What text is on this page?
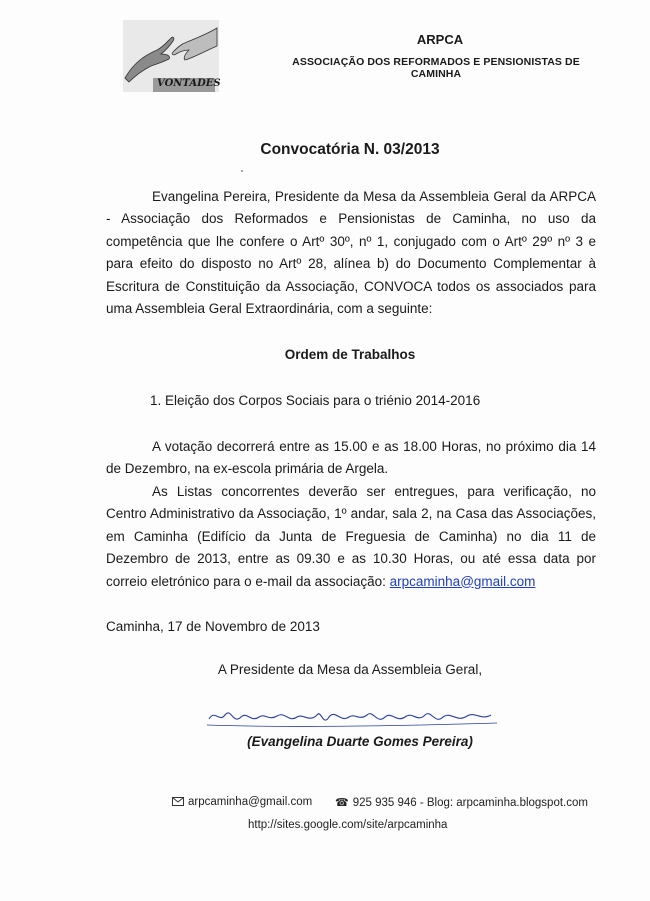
VONTADES
ARPCA
ASSOCIAÇÃO DOS REFORMADOS E PENSIONISTAS DE CAMINHA
Convocatória N. 03/2013
Evangelina Pereira, Presidente da Mesa da Assembleia Geral da ARPCA - Associação dos Reformados e Pensionistas de Caminha, no uso da competência que lhe confere o Artº 30º, nº 1, conjugado com o Artº 29º nº 3 e para efeito do disposto no Artº 28, alínea b) do Documento Complementar à Escritura de Constituição da Associação, CONVOCA todos os associados para uma Assembleia Geral Extraordinária, com a seguinte:
Ordem de Trabalhos
1. Eleição dos Corpos Sociais para o triénio 2014-2016
A votação decorrerá entre as 15.00 e as 18.00 Horas, no próximo dia 14 de Dezembro, na ex-escola primária de Argela.
As Listas concorrentes deverão ser entregues, para verificação, no Centro Administrativo da Associação, 1º andar, sala 2, na Casa das Associações, em Caminha (Edifício da Junta de Freguesia de Caminha) no dia 11 de Dezembro de 2013, entre as 09.30 e as 10.30 Horas, ou até essa data por correio eletrónico para o e-mail da associação: arpcaminha@gmail.com
Caminha, 17 de Novembro de 2013
A Presidente da Mesa da Assembleia Geral,
(Evangelina Duarte Gomes Pereira)
arpcaminha@gmail.com ☎ 925 935 946 - Blog: arpcaminha.blogspot.com
http://sites.google.com/site/arpcaminha
